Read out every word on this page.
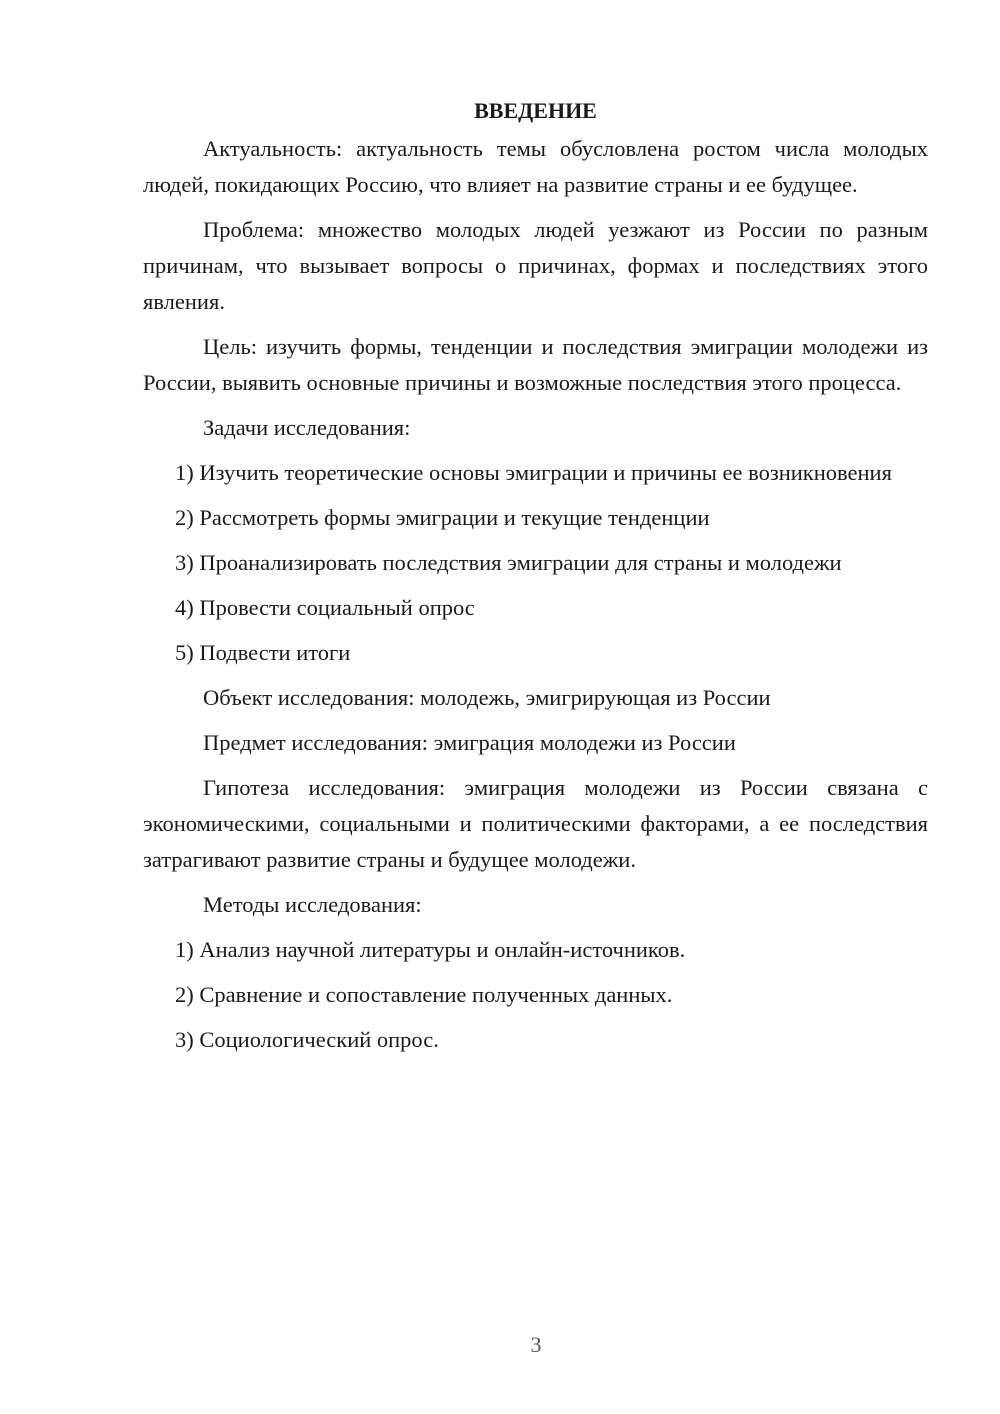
ВВЕДЕНИЕ
Актуальность: актуальность темы обусловлена ростом числа молодых людей, покидающих Россию, что влияет на развитие страны и ее будущее.
Проблема: множество молодых людей уезжают из России по разным причинам, что вызывает вопросы о причинах, формах и последствиях этого явления.
Цель: изучить формы, тенденции и последствия эмиграции молодежи из России, выявить основные причины и возможные последствия этого процесса.
Задачи исследования:
1) Изучить теоретические основы эмиграции и причины ее возникновения
2) Рассмотреть формы эмиграции и текущие тенденции
3) Проанализировать последствия эмиграции для страны и молодежи
4) Провести социальный опрос
5) Подвести итоги
Объект исследования: молодежь, эмигрирующая из России
Предмет исследования: эмиграция молодежи из России
Гипотеза исследования: эмиграция молодежи из России связана с экономическими, социальными и политическими факторами, а ее последствия затрагивают развитие страны и будущее молодежи.
Методы исследования:
1) Анализ научной литературы и онлайн-источников.
2) Сравнение и сопоставление полученных данных.
3) Социологический опрос.
3
